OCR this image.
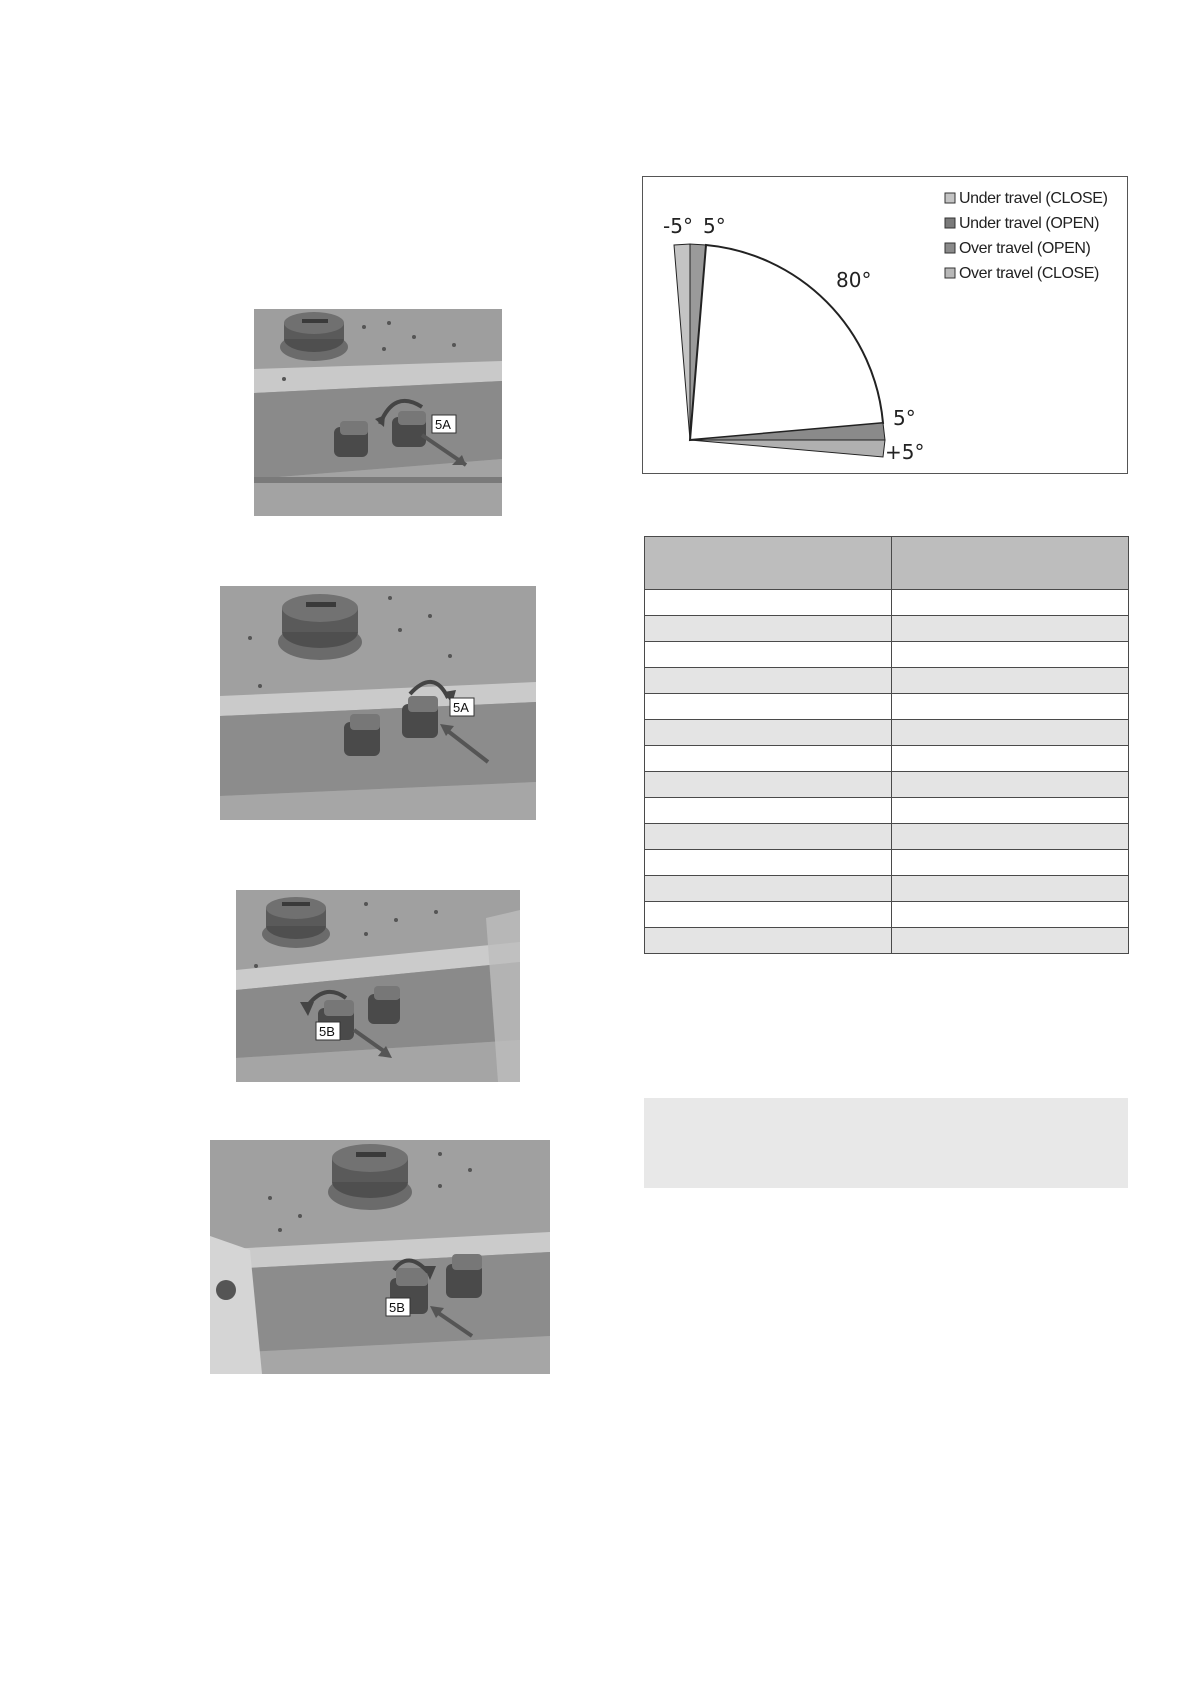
5A
5A
5B
5B
-5° 5°
80°
5°
+5°
Under travel (CLOSE)
Under travel (OPEN)
Over travel (OPEN)
Over travel (CLOSE)
